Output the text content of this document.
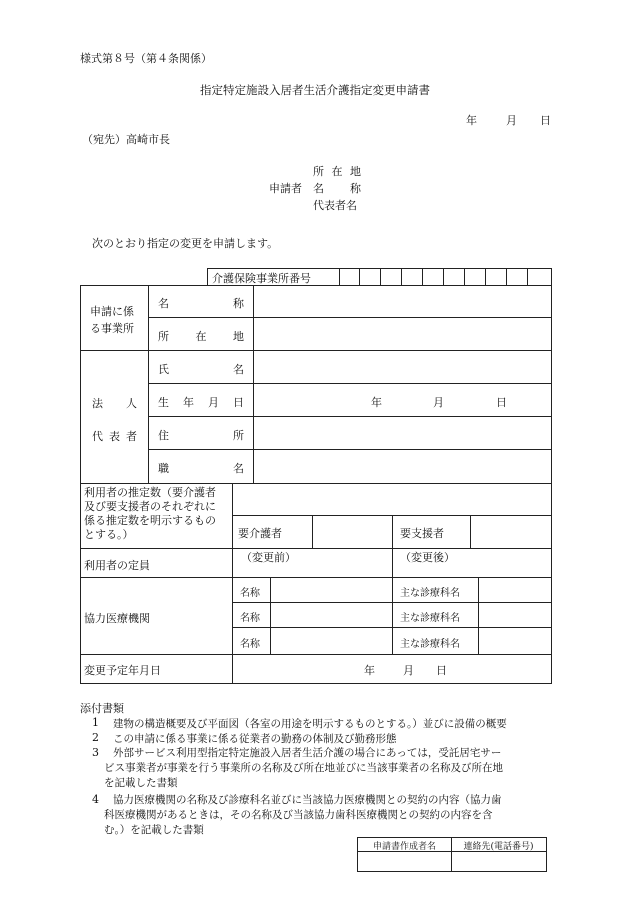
様式第８号（第４条関係）
指定特定施設入居者生活介護指定変更申請書
年	月 日
（宛先）高崎市長
所 在 地
申請者 名 称
代表者名
次のとおり指定の変更を申請します。
介護保険事業所番号
申請に係
る事業所
名	称
所 在 地
法 人
代 表 者
氏	名
生 年 月 日	年	月	日
住	所
職	名
利用者の推定数（要介護者
及び要支援者のそれぞれに
係る推定数を明示するもの
とする。）	要介護者	要支援者
利用者の定員
（変更前）	（変更後）
協力医療機関
名称	主な診療科名
名称	主な診療科名
名称	主な診療科名
変更予定年月日	年	月 日
添付書類
1 建物の構造概要及び平面図（各室の用途を明示するものとする。）並びに設備の概要
2 この申請に係る事業に係る従業者の勤務の体制及び勤務形態
3 外部サービス利用型指定特定施設入居者生活介護の場合にあっては，受託居宅サー
ビス事業者が事業を行う事業所の名称及び所在地並びに当該事業者の名称及び所在地
を記載した書類
4 協力医療機関の名称及び診療科名並びに当該協力医療機関との契約の内容（協力歯
科医療機関があるときは，その名称及び当該協力歯科医療機関との契約の内容を含
む。）を記載した書類
申請書作成者名	連絡先(電話番号)
